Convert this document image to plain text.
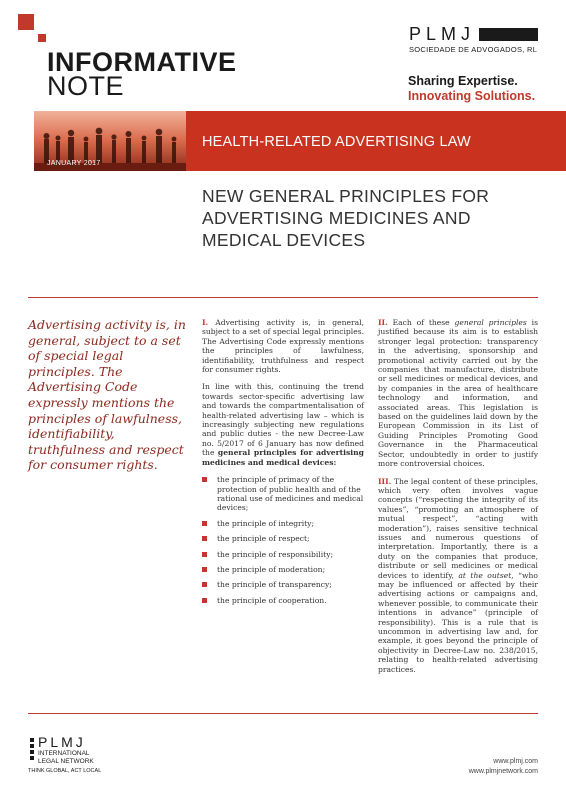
INFORMATIVE
NOTE
PLMJ
SOCIEDADE DE ADVOGADOS, RL
Sharing Expertise.
Innovating Solutions.
HEALTH-RELATED ADVERTISING LAW
JANUARY 2017
NEW GENERAL PRINCIPLES FOR
ADVERTISING MEDICINES AND
MEDICAL DEVICES
Advertising activity is, in general, subject to a set of special legal principles. The Advertising Code expressly mentions the principles of lawfulness, identifiability, truthfulness and respect for consumer rights.

I. Advertising activity is, in general, subject to a set of special legal principles. The Advertising Code expressly mentions the principles of lawfulness, identifiability, truthfulness and respect for consumer rights.

In line with this, continuing the trend towards sector-specific advertising law and towards the compartmentalisation of health-related advertising law – which is increasingly subjecting new regulations and public duties - the new Decree-Law no. 5/2017 of 6 January has now defined the general principles for advertising medicines and medical devices:

the principle of primacy of the protection of public health and of the rational use of medicines and medical devices;
the principle of integrity;
the principle of respect;
the principle of responsibility;
the principle of moderation;
the principle of transparency;
the principle of cooperation.

II. Each of these general principles is justified because its aim is to establish stronger legal protection: transparency in the advertising, sponsorship and promotional activity carried out by the companies that manufacture, distribute or sell medicines or medical devices, and by companies in the area of healthcare technology and information, and associated areas. This legislation is based on the guidelines laid down by the European Commission in its List of Guiding Principles Promoting Good Governance in the Pharmaceutical Sector, undoubtedly in order to justify more controversial choices.

III. The legal content of these principles, which very often involves vague concepts (“respecting the integrity of its values”, “promoting an atmosphere of mutual respect”, “acting with moderation”), raises sensitive technical issues and numerous questions of interpretation. Importantly, there is a duty on the companies that produce, distribute or sell medicines or medical devices to identify, at the outset, “who may be influenced or affected by their advertising actions or campaigns and, whenever possible, to communicate their intentions in advance” (principle of responsibility). This is a rule that is uncommon in advertising law and, for example, it goes beyond the principle of objectivity in Decree-Law no. 238/2015, relating to health-related advertising practices.

PLMJ
INTERNATIONAL
LEGAL NETWORK
THINK GLOBAL, ACT LOCAL
www.plmj.com
www.plmjnetwork.com
